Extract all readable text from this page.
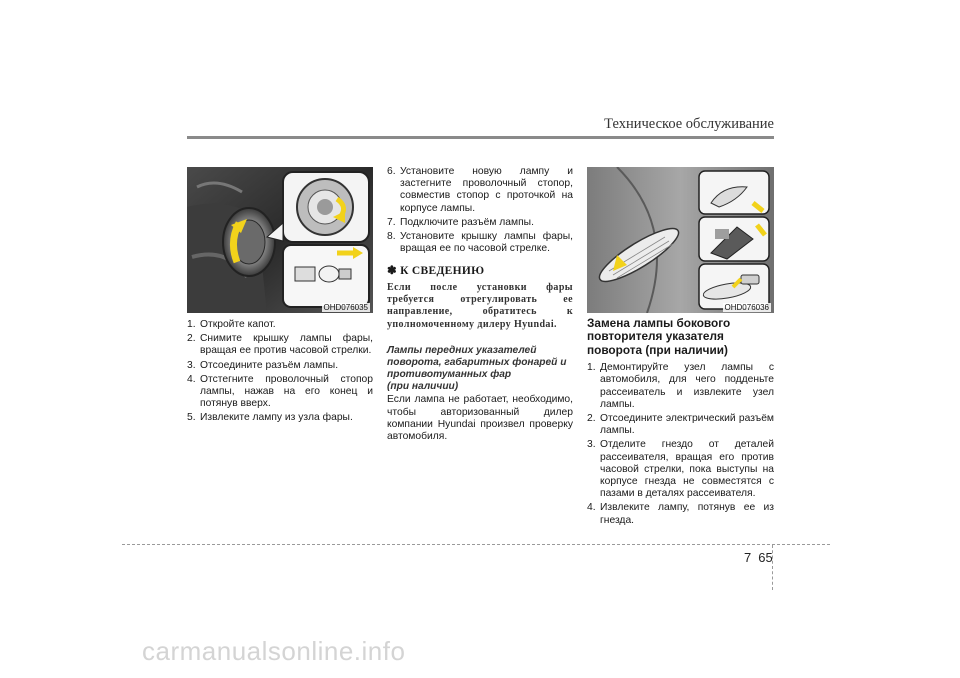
Техническое обслуживание
OHD076035	OHD076036
1. Откройте капот.
2. Снимите крышку лампы фары, вращая ее против часовой стрелки.
3. Отсоедините разъём лампы.
4. Отстегните проволочный стопор лампы, нажав на его конец и потянув вверх.
5. Извлеките лампу из узла фары.
6. Установите новую лампу и застегните проволочный стопор, совместив стопор с проточкой на корпусе лампы.
7. Подключите разъём лампы.
8. Установите крышку лампы фары, вращая ее по часовой стрелке.
✽ К СВЕДЕНИЮ

Если после установки фары требуется отрегулировать ее направление, обратитесь к уполномоченному дилеру Hyundai.

Лампы передних указателей поворота, габаритных фонарей и противотуманных фар
(при наличии)

Если лампа не работает, необходимо, чтобы авторизованный дилер компании Hyundai произвел проверку автомобиля.

Замена лампы бокового повторителя указателя поворота (при наличии)

1. Демонтируйте узел лампы с автомобиля, для чего подденьте рассеиватель и извлеките узел лампы.
2. Отсоедините электрический разъём лампы.
3. Отделите гнездо от деталей рассеивателя, вращая его против часовой стрелки, пока выступы на корпусе гнезда не совместятся с пазами в деталях рассеивателя.
4. Извлеките лампу, потянув ее из гнезда.
7 65
carmanualsonline.info
